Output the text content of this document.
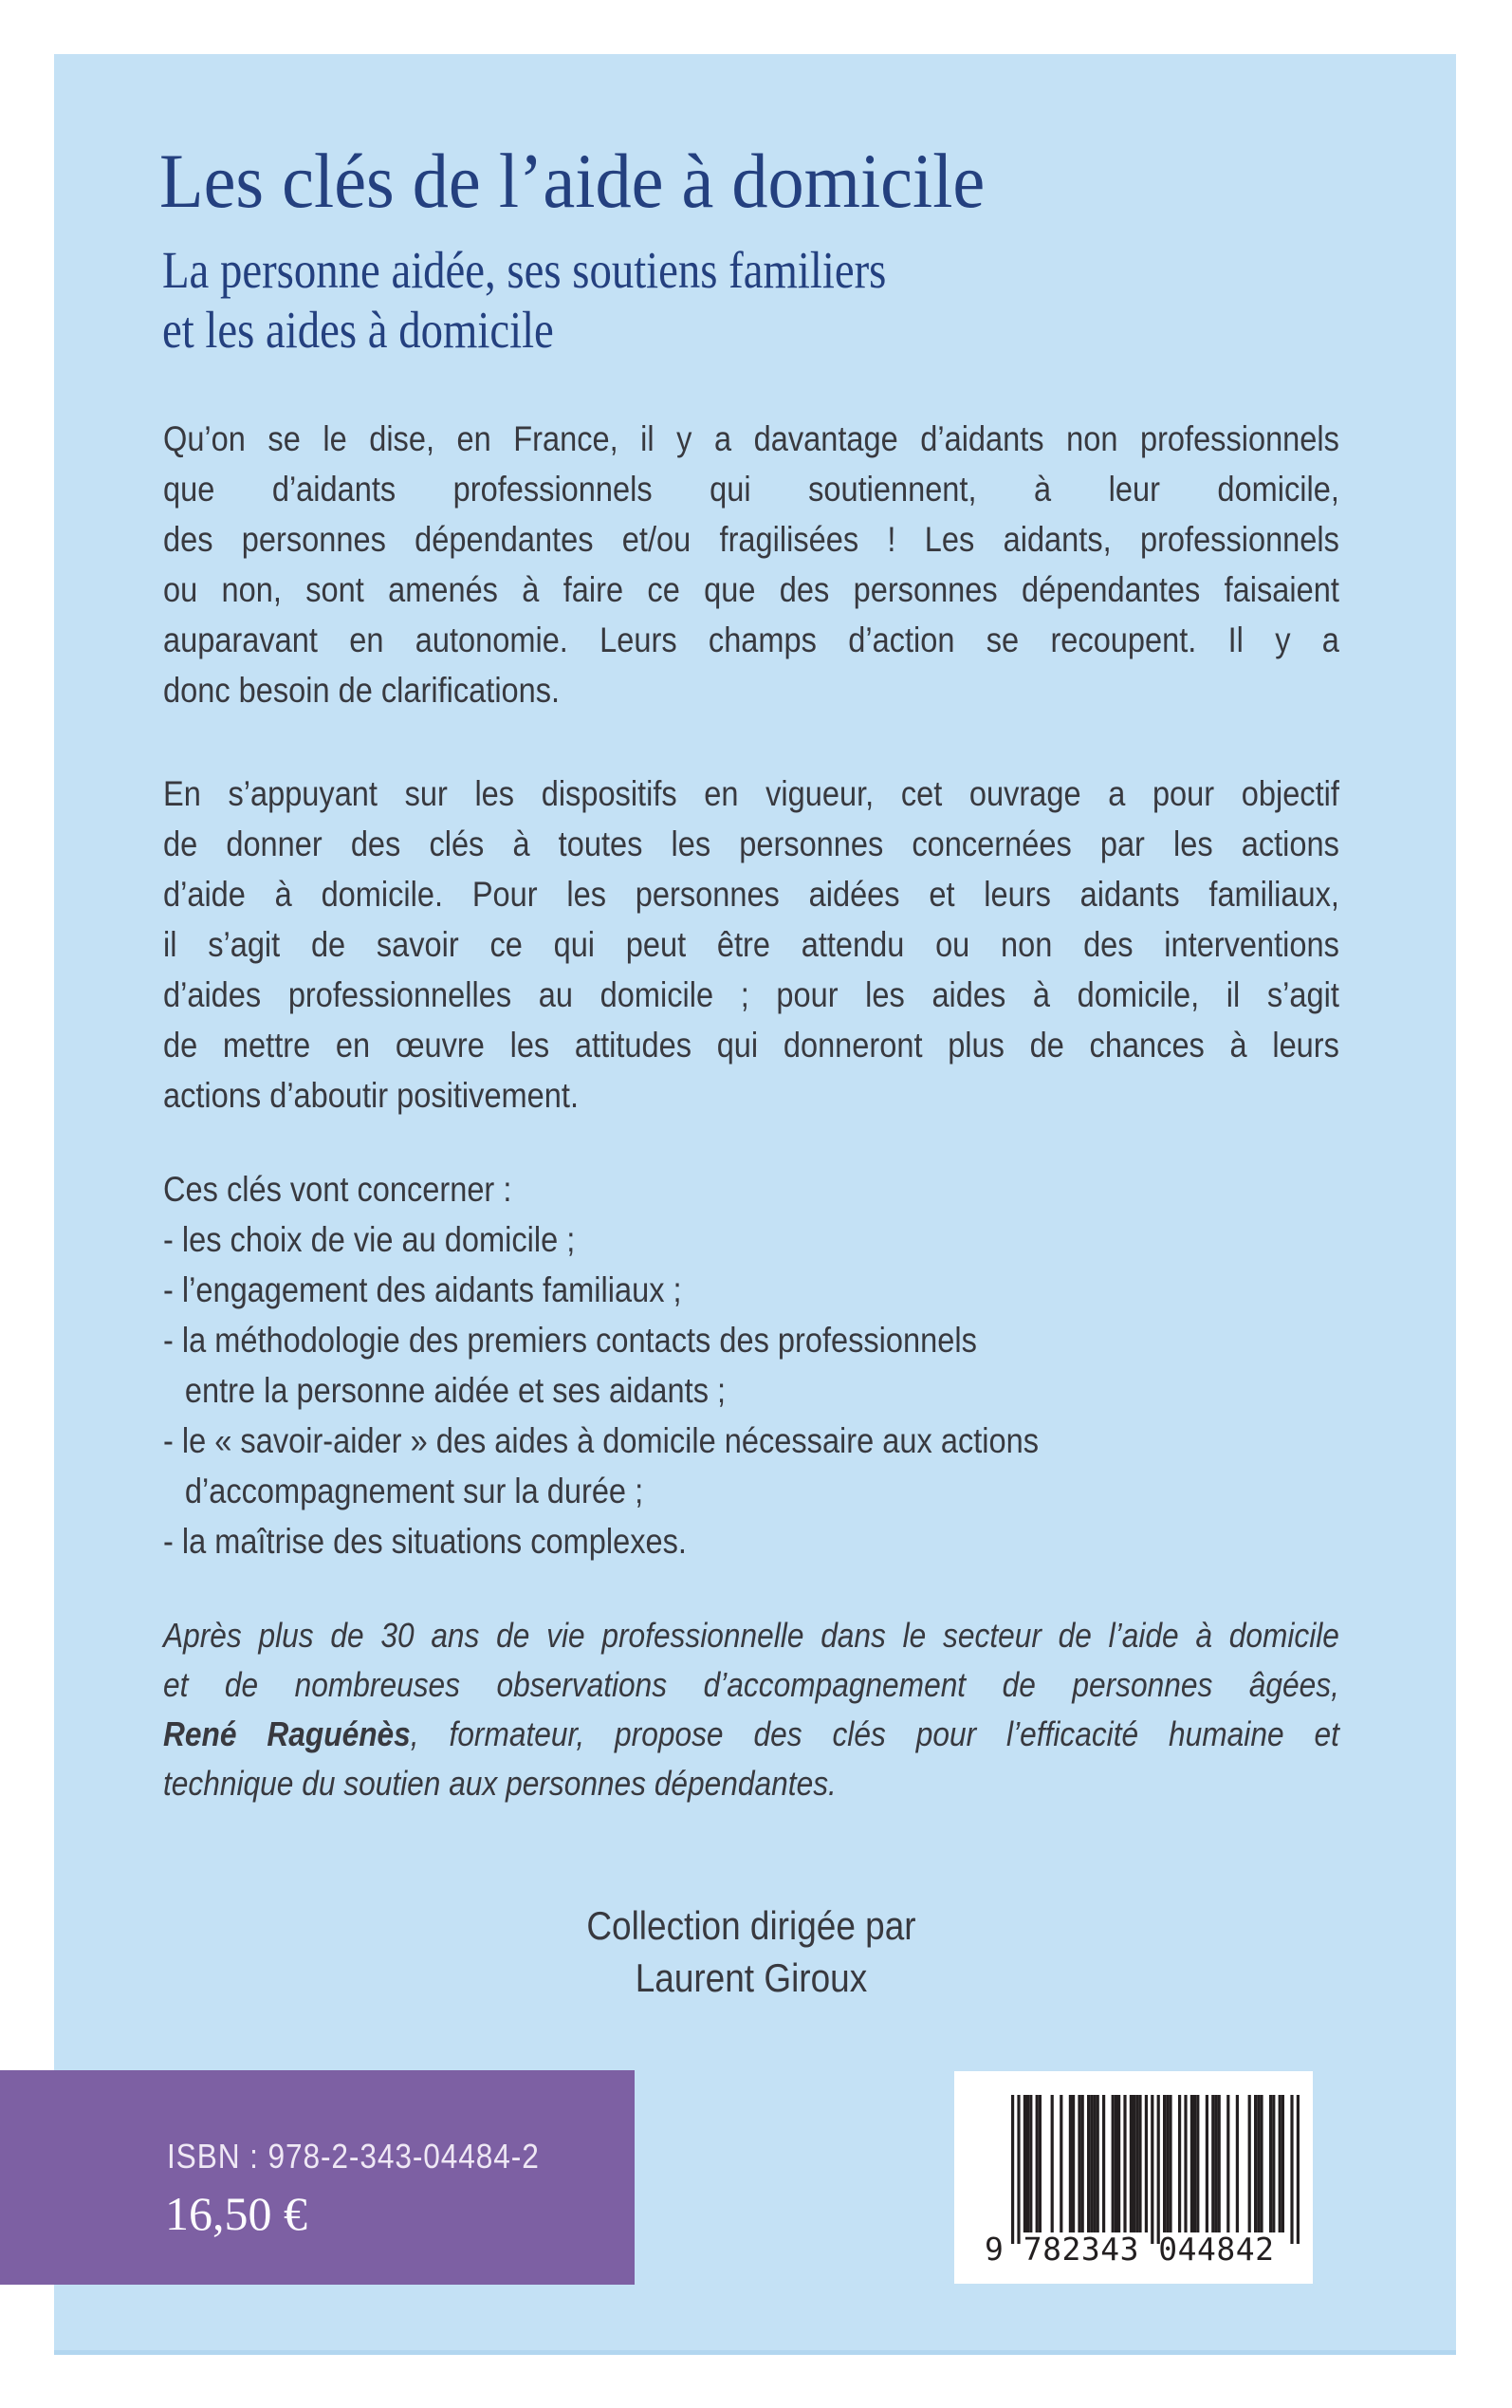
Les clés de l’aide à domicile
La personne aidée, ses soutiens familiers
et les aides à domicile
Qu’on se le dise, en France, il y a davantage d’aidants non professionnels
que d’aidants professionnels qui soutiennent, à leur domicile,
des personnes dépendantes et/ou fragilisées ! Les aidants, professionnels
ou non, sont amenés à faire ce que des personnes dépendantes faisaient
auparavant en autonomie. Leurs champs d’action se recoupent. Il y a
donc besoin de clarifications.
En s’appuyant sur les dispositifs en vigueur, cet ouvrage a pour objectif
de donner des clés à toutes les personnes concernées par les actions
d’aide à domicile. Pour les personnes aidées et leurs aidants familiaux,
il s’agit de savoir ce qui peut être attendu ou non des interventions
d’aides professionnelles au domicile ; pour les aides à domicile, il s’agit
de mettre en œuvre les attitudes qui donneront plus de chances à leurs
actions d’aboutir positivement.
Ces clés vont concerner :
- les choix de vie au domicile ;
- l’engagement des aidants familiaux ;
- la méthodologie des premiers contacts des professionnels
entre la personne aidée et ses aidants ;
- le « savoir-aider » des aides à domicile nécessaire aux actions
d’accompagnement sur la durée ;
- la maîtrise des situations complexes.
Après plus de 30 ans de vie professionnelle dans le secteur de l’aide à domicile
et de nombreuses observations d’accompagnement de personnes âgées,
René Raguénès, formateur, propose des clés pour l’efficacité humaine et
technique du soutien aux personnes dépendantes.
Collection dirigée par
Laurent Giroux
ISBN : 978-2-343-04484-2
16,50 €
9 782343 044842
